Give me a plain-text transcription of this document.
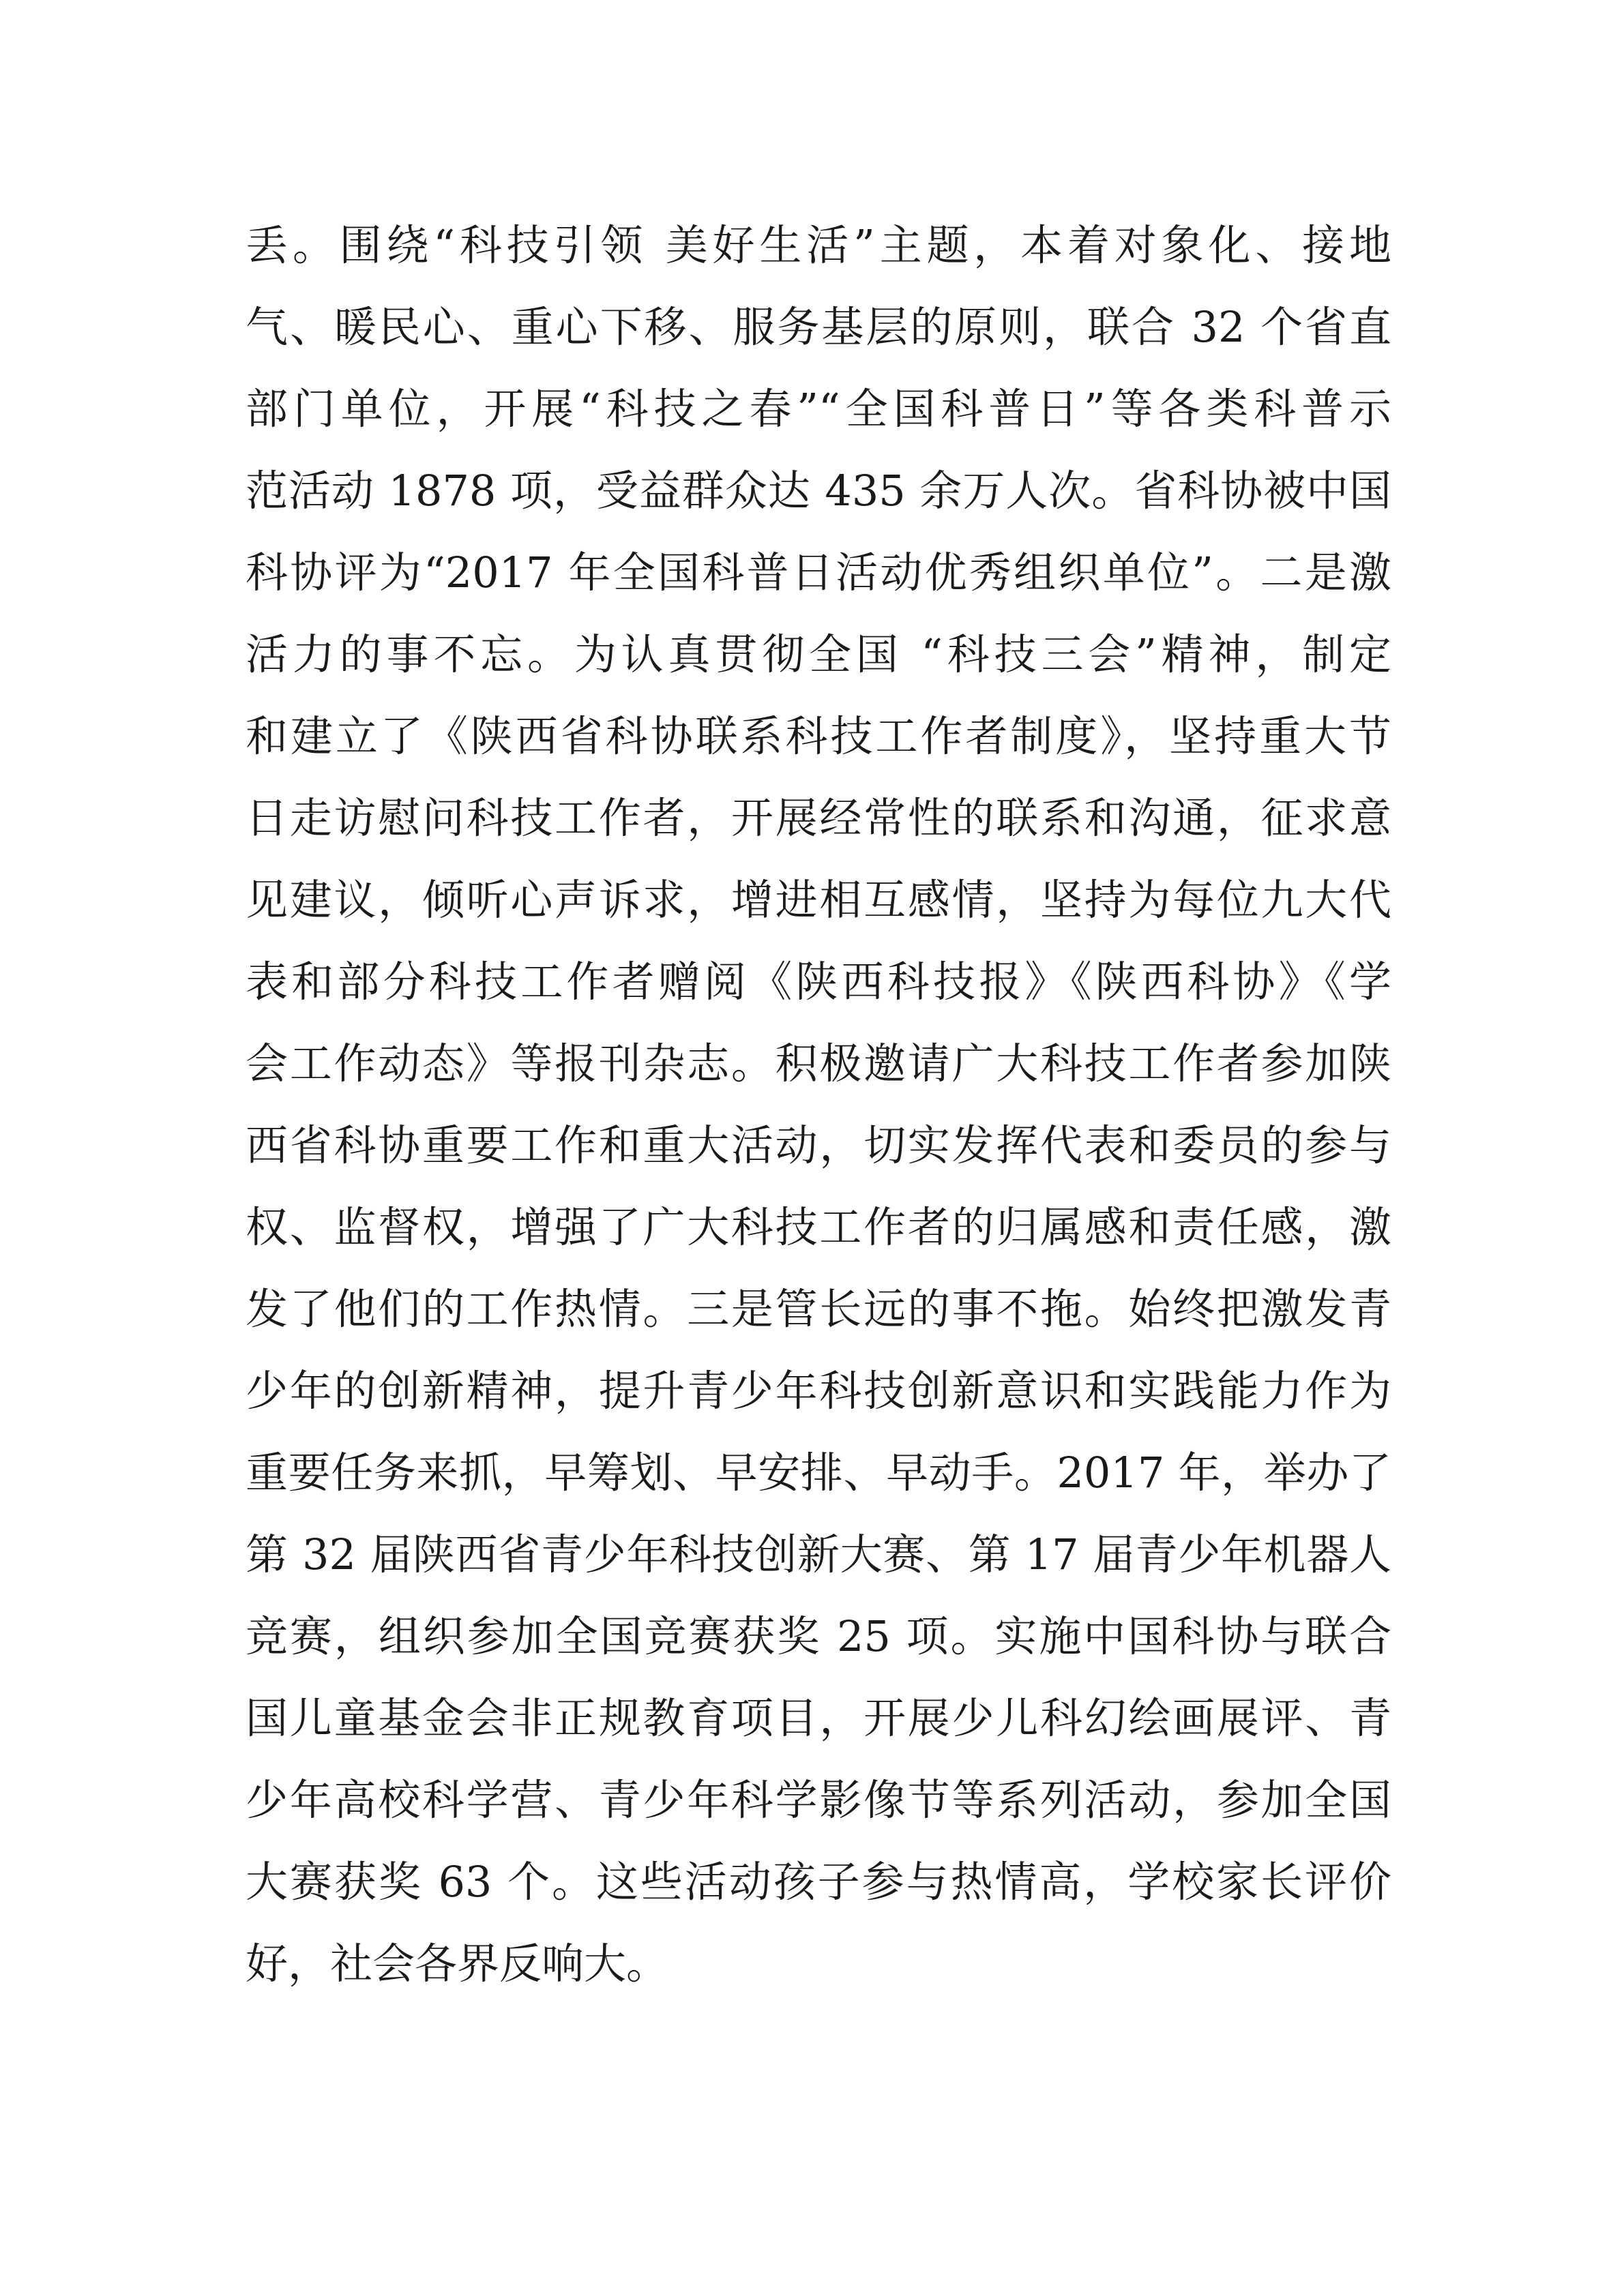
丢。围绕“科技引领 美好生活”主题，本着对象化、接地
气、暖民心、重心下移、服务基层的原则，联合 32 个省直
部门单位，开展“科技之春”“全国科普日”等各类科普示
范活动 1878 项，受益群众达 435 余万人次。省科协被中国
科协评为“2017 年全国科普日活动优秀组织单位”。二是激
活力的事不忘。为认真贯彻全国 “科技三会”精神，制定
和建立了《陕西省科协联系科技工作者制度》，坚持重大节
日走访慰问科技工作者，开展经常性的联系和沟通，征求意
见建议，倾听心声诉求，增进相互感情，坚持为每位九大代
表和部分科技工作者赠阅《陕西科技报》《陕西科协》《学
会工作动态》等报刊杂志。积极邀请广大科技工作者参加陕
西省科协重要工作和重大活动，切实发挥代表和委员的参与
权、监督权，增强了广大科技工作者的归属感和责任感，激
发了他们的工作热情。三是管长远的事不拖。始终把激发青
少年的创新精神，提升青少年科技创新意识和实践能力作为
重要任务来抓，早筹划、早安排、早动手。2017 年，举办了
第 32 届陕西省青少年科技创新大赛、第 17 届青少年机器人
竞赛，组织参加全国竞赛获奖 25 项。实施中国科协与联合
国儿童基金会非正规教育项目，开展少儿科幻绘画展评、青
少年高校科学营、青少年科学影像节等系列活动，参加全国
大赛获奖 63 个。这些活动孩子参与热情高，学校家长评价
好，社会各界反响大。
